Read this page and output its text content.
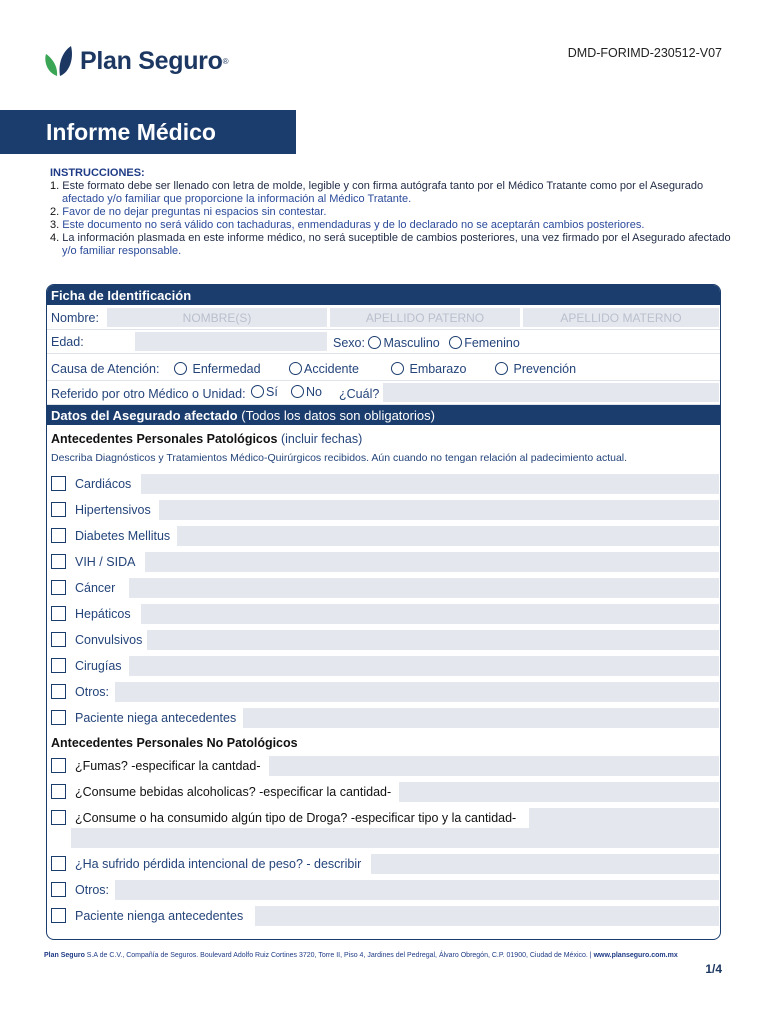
Plan Seguro ®
DMD-FORIMD-230512-V07
Informe Médico
INSTRUCCIONES:
1. Este formato debe ser llenado con letra de molde, legible y con firma autógrafa tanto por el Médico Tratante como por el Asegurado
afectado y/o familiar que proporcione la información al Médico Tratante.
2. Favor de no dejar preguntas ni espacios sin contestar.
3. Este documento no será válido con tachaduras, enmendaduras y de lo declarado no se aceptarán cambios posteriores.
4. La información plasmada en este informe médico, no será suceptible de cambios posteriores, una vez firmado por el Asegurado afectado
y/o familiar responsable.
Ficha de Identificación
Nombre:	NOMBRE(S)	APELLIDO PATERNO	APELLIDO MATERNO
Edad:	Sexo: Masculino Femenino
Causa de Atención:	Enfermedad	Accidente	Embarazo	Prevención
Referido por otro Médico o Unidad:	Sí	No ¿Cuál?
Datos del Asegurado afectado
(Todos los datos son obligatorios)
Antecedentes Personales Patológicos (incluir fechas)
Describa Diagnósticos y Tratamientos Médico-Quirúrgicos recibidos. Aún cuando no tengan relación al padecimiento actual.
Cardiácos
Hipertensivos
Diabetes Mellitus
VIH / SIDA
Cáncer
Hepáticos
Convulsivos
Cirugías
Otros:
Paciente niega antecedentes
Antecedentes Personales No Patológicos
¿Fumas? -especificar la cantdad-
¿Consume bebidas alcoholicas? -especificar la cantidad-
¿Consume o ha consumido algún tipo de Droga? -especificar tipo y la cantidad-
¿Ha sufrido pérdida intencional de peso? - describir
Otros:
Paciente nienga antecedentes
Plan Seguro S.A de C.V., Compañía de Seguros. Boulevard Adolfo Ruiz Cortines 3720, Torre II, Piso 4, Jardines del Pedregal, Álvaro Obregón, C.P. 01900, Ciudad de México. | www.planseguro.com.mx
1/4
